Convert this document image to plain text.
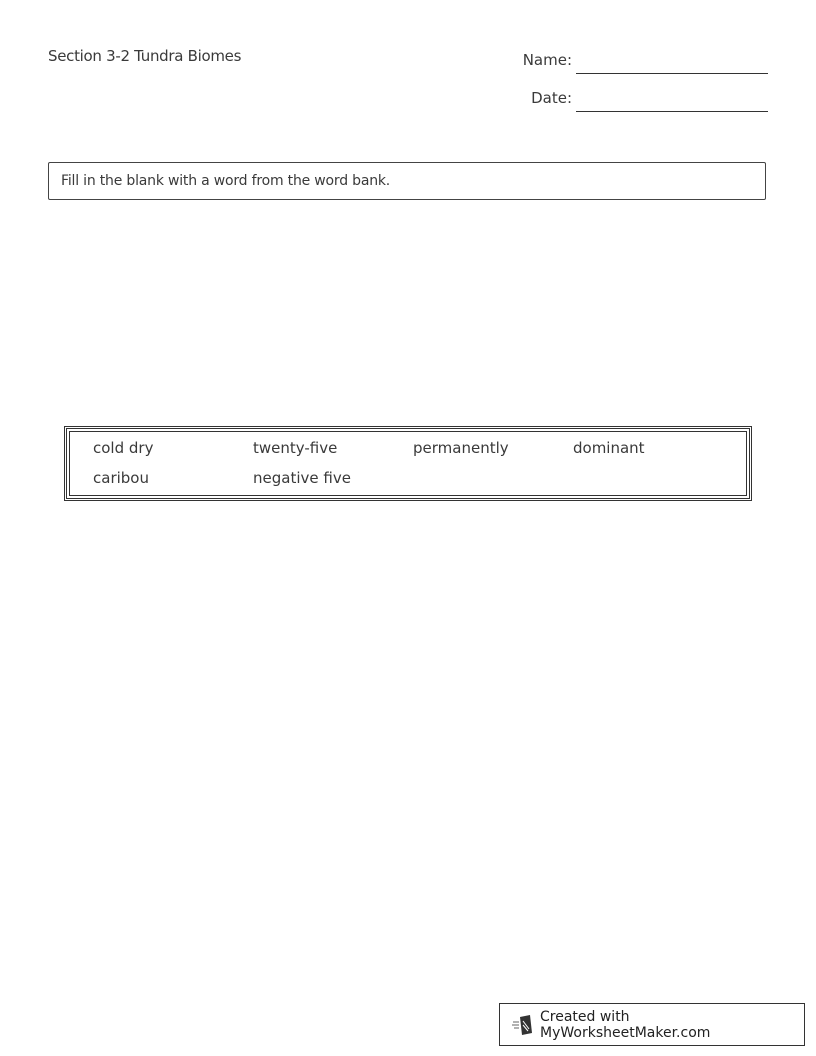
Section 3-2 Tundra Biomes	Name:
Date:
Fill in the blank with a word from the word bank.
cold dry	twenty-five	permanently	dominant
caribou	negative five
Created with MyWorksheetMaker.com
